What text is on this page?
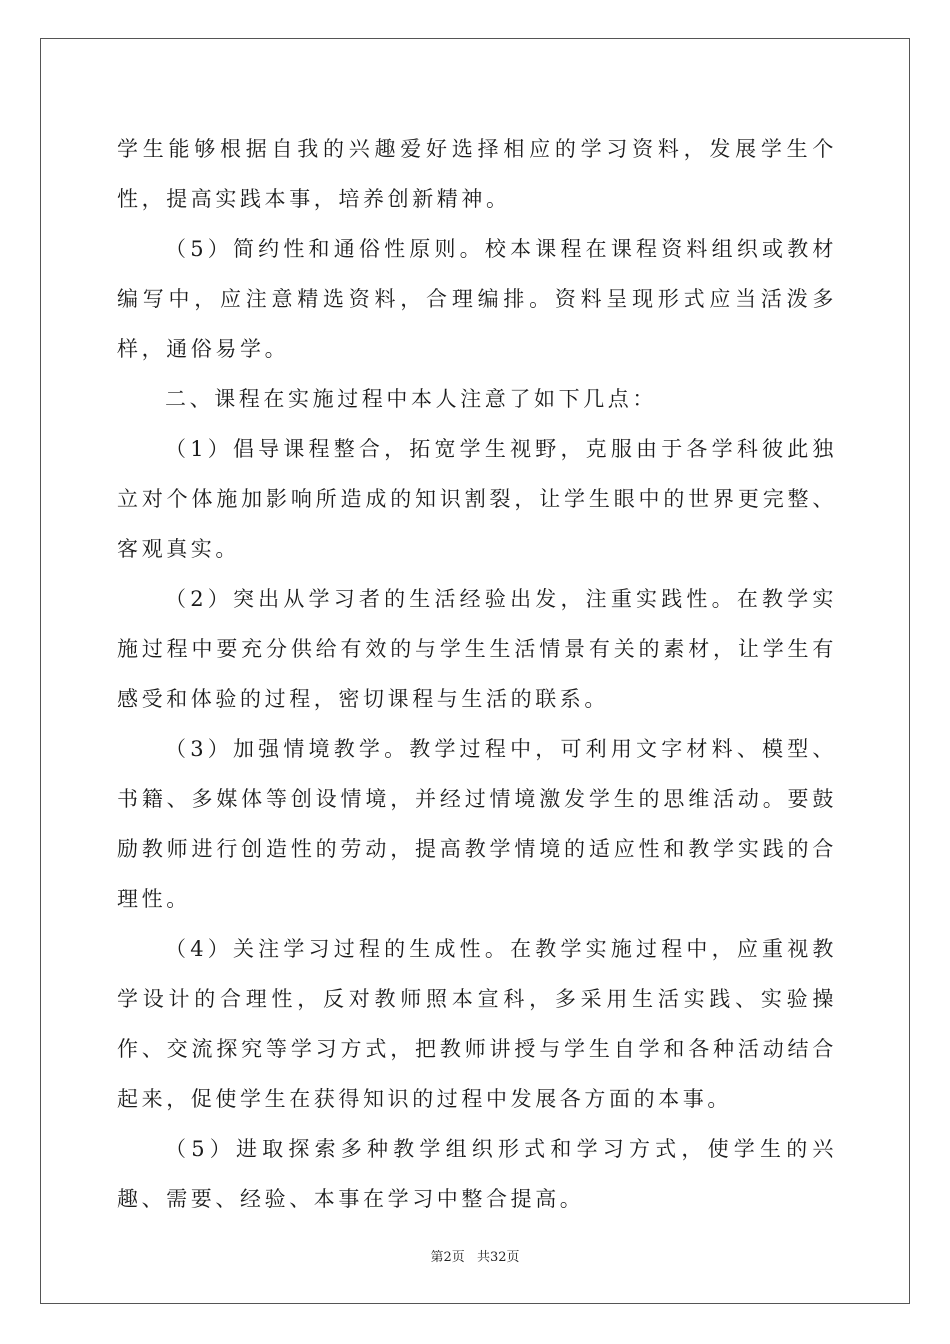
学生能够根据自我的兴趣爱好选择相应的学习资料，发展学生个性，提高实践本事，培养创新精神。

（5）简约性和通俗性原则。校本课程在课程资料组织或教材编写中，应注意精选资料，合理编排。资料呈现形式应当活泼多样，通俗易学。

二、课程在实施过程中本人注意了如下几点：

（1）倡导课程整合，拓宽学生视野，克服由于各学科彼此独立对个体施加影响所造成的知识割裂，让学生眼中的世界更完整、客观真实。

（2）突出从学习者的生活经验出发，注重实践性。在教学实施过程中要充分供给有效的与学生生活情景有关的素材，让学生有感受和体验的过程，密切课程与生活的联系。

（3）加强情境教学。教学过程中，可利用文字材料、模型、书籍、多媒体等创设情境，并经过情境激发学生的思维活动。要鼓励教师进行创造性的劳动，提高教学情境的适应性和教学实践的合理性。

（4）关注学习过程的生成性。在教学实施过程中，应重视教学设计的合理性，反对教师照本宣科，多采用生活实践、实验操作、交流探究等学习方式，把教师讲授与学生自学和各种活动结合起来，促使学生在获得知识的过程中发展各方面的本事。

（5）进取探索多种教学组织形式和学习方式，使学生的兴趣、需要、经验、本事在学习中整合提高。

第2页 共32页
